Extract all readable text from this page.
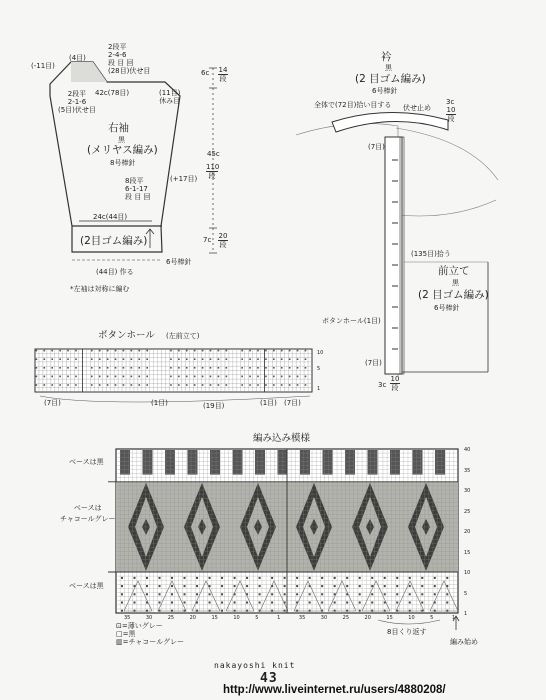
(-11目)
(4目)
2段平
2-4-6
段 目 回
(28目)伏せ目
2段平
2-1-6
(5目)伏せ目
42c(78目)	(11目)
休み目
右袖
黒
(メリヤス編み)
8号棒針
8段平
6-1-17
段 目 回
(+17目)
24c(44目)
(2目ゴム編み)
6号棒針
(44目) 作る
*左袖は対称に編む
6c 14
段
45c
110
段
7c 20
段
衿
黒
(2 目ゴム編み)
6号棒針
全体で(72目)拾い目する 伏せ止め
3c
10
段
(7目)
(135目)拾う
前立て
黒
(2 目ゴム編み)
6号棒針
ボタンホール(1目)
(7目)
3c
10
段
ボタンホール (左前立て)
(7目)	(1目)	(19目)	(1目) (7目)
10
5
1
編み込み模様
ベースは黒
ベースは
チャコールグレー
ベースは黒
⊡=薄いグレー
□=黒
▥=チャコールグレー
8目くり返す
編み始め
40
35
30
25
20
15
10
5
1
35	30	25	20	15	10	5	1	35	30	25	20	15	10	5	1
nakayoshi knit
43
http://www.liveinternet.ru/users/4880208/
